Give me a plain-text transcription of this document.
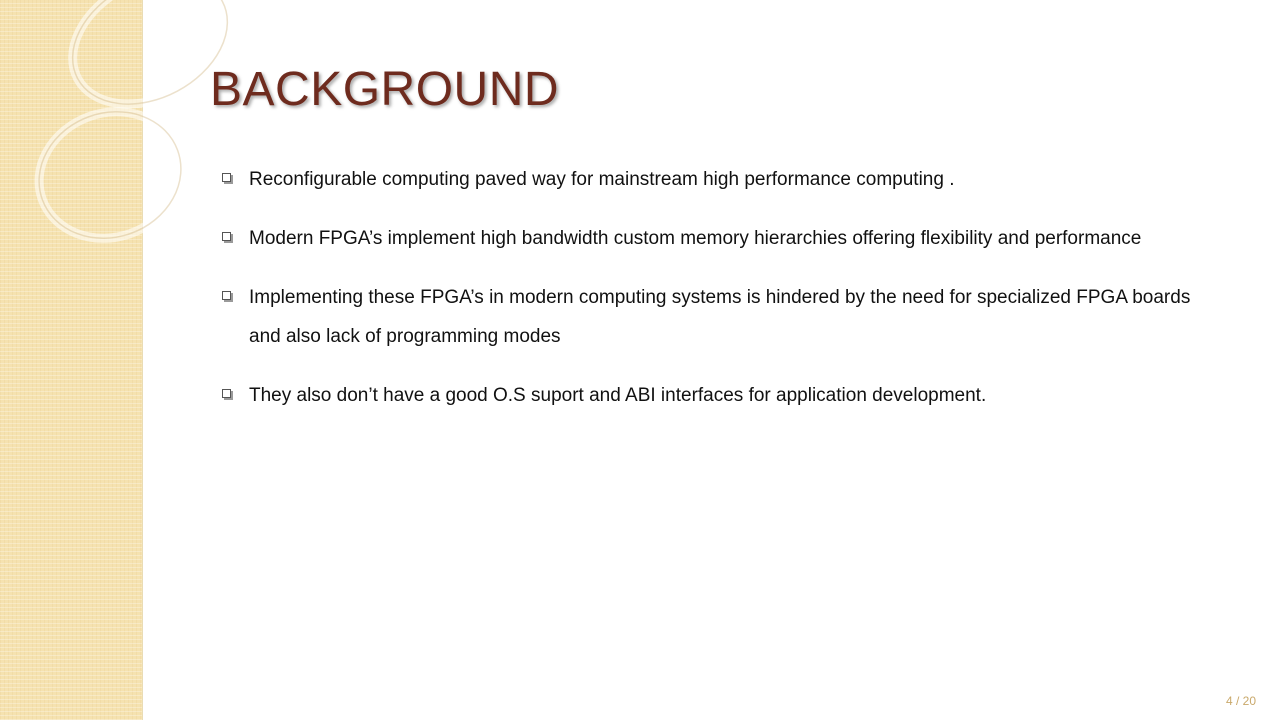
BACKGROUND
Reconfigurable computing paved way for mainstream high performance computing .
Modern FPGA’s implement high bandwidth custom memory hierarchies offering flexibility and performance
Implementing these FPGA’s in modern computing systems is hindered by the need for specialized FPGA boards and also lack of programming modes
They also don’t have a good O.S suport and ABI interfaces for application development.
4 / 20
